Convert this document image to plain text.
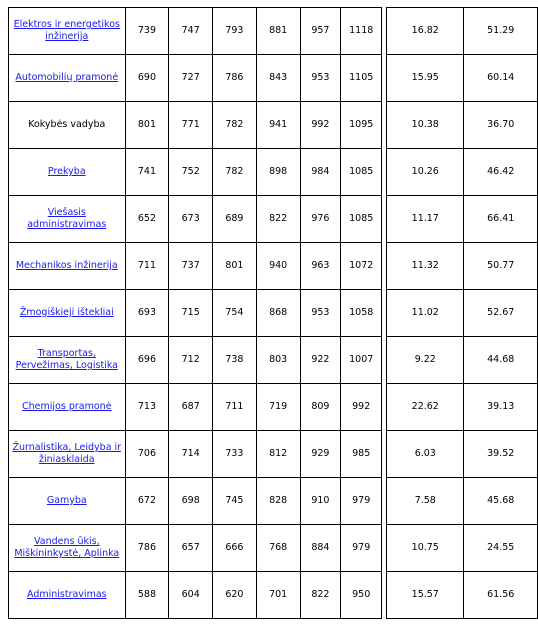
Elektros ir energetikos inžinerija	739	747	793	881	957	1118		16.82	51.29
Automobilių pramonė	690	727	786	843	953	1105		15.95	60.14
Kokybės vadyba	801	771	782	941	992	1095		10.38	36.70
Prekyba	741	752	782	898	984	1085		10.26	46.42
Viešasis administravimas	652	673	689	822	976	1085		11.17	66.41
Mechanikos inžinerija	711	737	801	940	963	1072		11.32	50.77
Žmogiškieji ištekliai	693	715	754	868	953	1058		11.02	52.67
Transportas, Pervežimas, Logistika	696	712	738	803	922	1007		9.22	44.68
Chemijos pramonė	713	687	711	719	809	992		22.62	39.13
Žurnalistika, Leidyba ir žiniasklaida	706	714	733	812	929	985		6.03	39.52
Gamyba	672	698	745	828	910	979		7.58	45.68
Vandens ūkis, Miškininkystė, Aplinka	786	657	666	768	884	979		10.75	24.55
Administravimas	588	604	620	701	822	950		15.57	61.56
